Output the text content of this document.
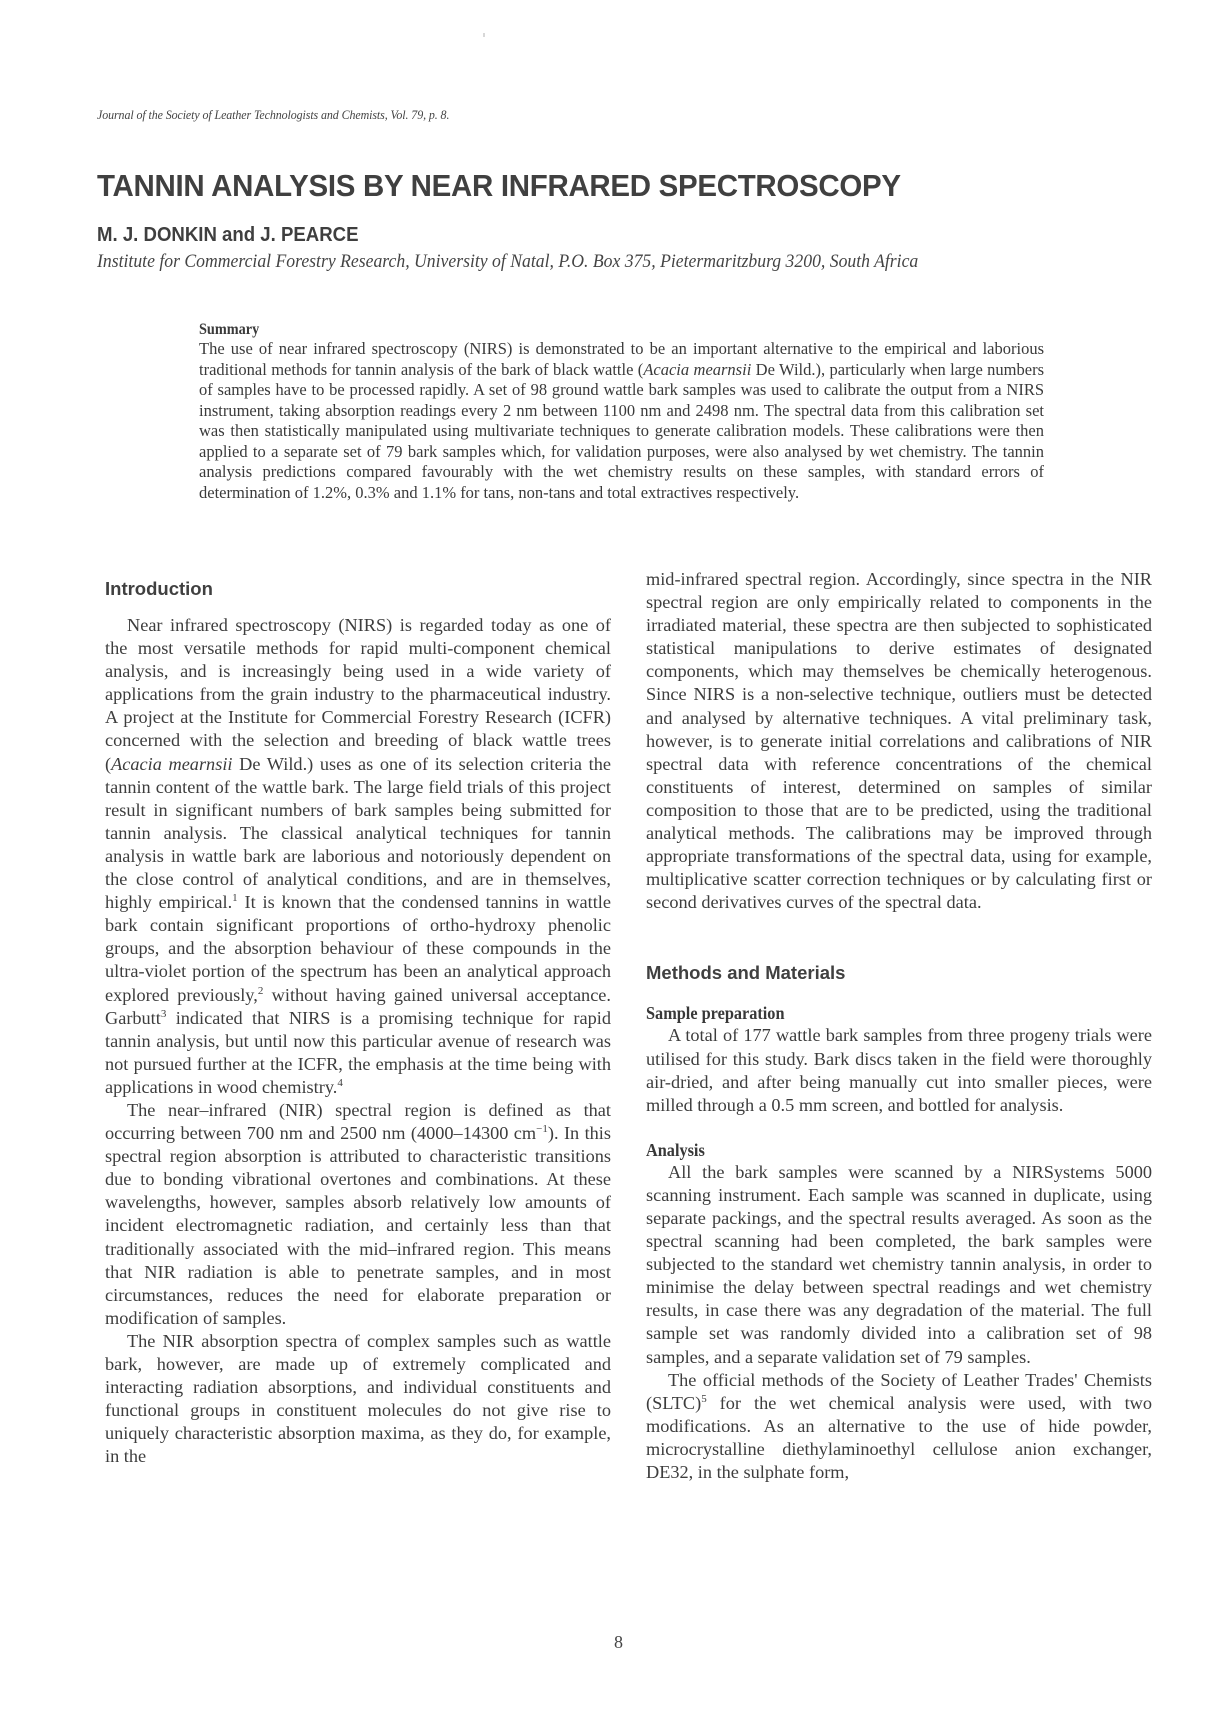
Journal of the Society of Leather Technologists and Chemists, Vol. 79, p. 8.
TANNIN ANALYSIS BY NEAR INFRARED SPECTROSCOPY
M. J. DONKIN and J. PEARCE
Institute for Commercial Forestry Research, University of Natal, P.O. Box 375, Pietermaritzburg 3200, South Africa
Summary
The use of near infrared spectroscopy (NIRS) is demonstrated to be an important alternative to the empirical and laborious traditional methods for tannin analysis of the bark of black wattle (Acacia mearnsii De Wild.), particularly when large numbers of samples have to be processed rapidly. A set of 98 ground wattle bark samples was used to calibrate the output from a NIRS instrument, taking absorption readings every 2 nm between 1100 nm and 2498 nm. The spectral data from this calibration set was then statistically manipulated using multivariate techniques to generate calibration models. These calibrations were then applied to a separate set of 79 bark samples which, for validation purposes, were also analysed by wet chemistry. The tannin analysis predictions compared favourably with the wet chemistry results on these samples, with standard errors of determination of 1.2%, 0.3% and 1.1% for tans, non-tans and total extractives respectively.
Introduction

Near infrared spectroscopy (NIRS) is regarded today as one of the most versatile methods for rapid multi-component chemical analysis, and is increasingly being used in a wide variety of applications from the grain industry to the pharmaceutical industry. A project at the Institute for Commercial Forestry Research (ICFR) concerned with the selection and breeding of black wattle trees (Acacia mearnsii De Wild.) uses as one of its selection criteria the tannin content of the wattle bark. The large field trials of this project result in significant numbers of bark samples being submitted for tannin analysis. The classical analytical techniques for tannin analysis in wattle bark are laborious and notoriously dependent on the close control of analytical conditions, and are in themselves, highly empirical.$^1$ It is known that the condensed tannins in wattle bark contain significant proportions of ortho-hydroxy phenolic groups, and the absorption behaviour of these compounds in the ultra-violet portion of the spectrum has been an analytical approach explored previously,$^2$ without having gained universal acceptance. Garbutt$^3$ indicated that NIRS is a promising technique for rapid tannin analysis, but until now this particular avenue of research was not pursued further at the ICFR, the emphasis at the time being with applications in wood chemistry.$^4$

The near–infrared (NIR) spectral region is defined as that occurring between 700 nm and 2500 nm (4000–14300 $cm^{-1}$). In this spectral region absorption is attributed to characteristic transitions due to bonding vibrational overtones and combinations. At these wavelengths, however, samples absorb relatively low amounts of incident electromagnetic radiation, and certainly less than that traditionally associated with the mid–infrared region. This means that NIR radiation is able to penetrate samples, and in most circumstances, reduces the need for elaborate preparation or modification of samples.

The NIR absorption spectra of complex samples such as wattle bark, however, are made up of extremely complicated and interacting radiation absorptions, and individual constituents and functional groups in constituent molecules do not give rise to uniquely characteristic absorption maxima, as they do, for example, in the

mid-infrared spectral region. Accordingly, since spectra in the NIR spectral region are only empirically related to components in the irradiated material, these spectra are then subjected to sophisticated statistical manipulations to derive estimates of designated components, which may themselves be chemically heterogenous. Since NIRS is a non-selective technique, outliers must be detected and analysed by alternative techniques. A vital preliminary task, however, is to generate initial correlations and calibrations of NIR spectral data with reference concentrations of the chemical constituents of interest, determined on samples of similar composition to those that are to be predicted, using the traditional analytical methods. The calibrations may be improved through appropriate transformations of the spectral data, using for example, multiplicative scatter correction techniques or by calculating first or second derivatives curves of the spectral data.

Methods and Materials
Sample preparation

A total of 177 wattle bark samples from three progeny trials were utilised for this study. Bark discs taken in the field were thoroughly air-dried, and after being manually cut into smaller pieces, were milled through a 0.5 mm screen, and bottled for analysis.

Analysis

All the bark samples were scanned by a NIRSystems 5000 scanning instrument. Each sample was scanned in duplicate, using separate packings, and the spectral results averaged. As soon as the spectral scanning had been completed, the bark samples were subjected to the standard wet chemistry tannin analysis, in order to minimise the delay between spectral readings and wet chemistry results, in case there was any degradation of the material. The full sample set was randomly divided into a calibration set of 98 samples, and a separate validation set of 79 samples.

The official methods of the Society of Leather Trades' Chemists (SLTC)$^5$ for the wet chemical analysis were used, with two modifications. As an alternative to the use of hide powder, microcrystalline diethylaminoethyl cellulose anion exchanger, DE32, in the sulphate form,

8
